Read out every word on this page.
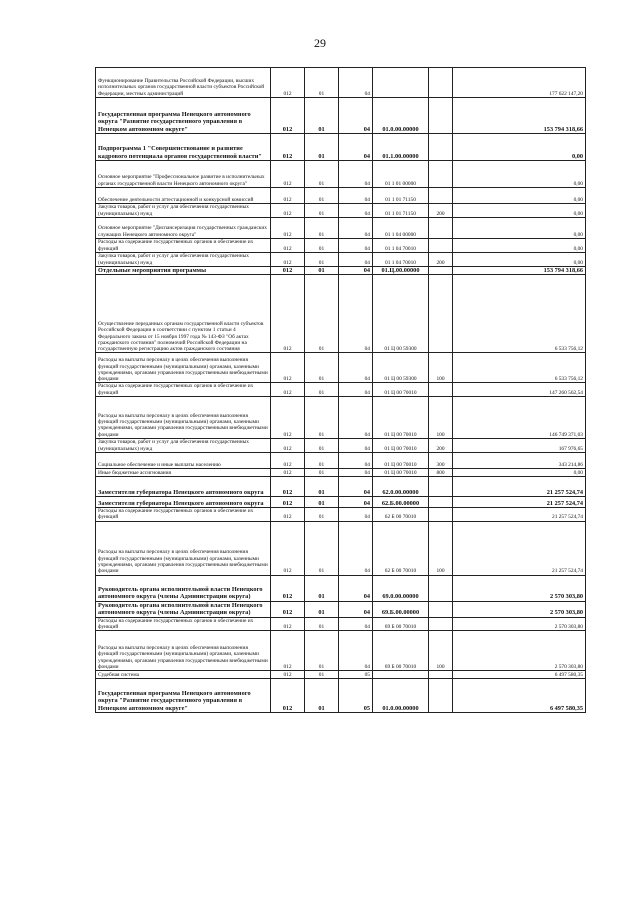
29
Функционирование Правительства Российской Федерации, высших исполнительных органов государственной власти субъектов Российской Федерации, местных администраций	012	01	04			177 622 147,20
Государственная программа Ненецкого автономного округа "Развитие государственного управления в Ненецком автономном округе"	012	01	04	01.0.00.00000		153 794 318,66
Подпрограмма 1 "Совершенствование и развитие кадрового потенциала органов государственной власти"	012	01	04	01.1.00.00000		0,00
Основное мероприятие "Профессиональное развитие в исполнительных органах государственной власти Ненецкого автономного округа"	012	01	04	01 1 01 00000		0,00
Обеспечение деятельности аттестационной и конкурсной комиссий	012	01	04	01 1 01 71150		0,00
Закупка товаров, работ и услуг для обеспечения государственных (муниципальных) нужд	012	01	04	01 1 01 71150	200	0,00
Основное мероприятие "Диспансеризация государственных гражданских служащих Ненецкого автономного округа"	012	01	04	01 1 04 00000		0,00
Расходы на содержание государственных органов и обеспечение их функций	012	01	04	01 1 04 70010		0,00
Закупка товаров, работ и услуг для обеспечения государственных (муниципальных) нужд	012	01	04	01 1 04 70010	200	0,00
Отдельные мероприятия программы	012	01	04	01.Ц.00.00000		153 794 318,66
Осуществление переданных органам государственной власти субъектов Российской Федерации в соответствии с пунктом 1 статьи 4 Федерального закона от 15 ноября 1997 года № 143-ФЗ "Об актах гражданского состояния" полномочий Российской Федерации на государственную регистрацию актов гражданского состояния	012	01	04	01 Ц 00 59300		6 533 756,12
Расходы на выплаты персоналу в целях обеспечения выполнения функций государственными (муниципальными) органами, казенными учреждениями, органами управления государственными внебюджетными фондами	012	01	04	01 Ц 00 59300	100	6 533 756,12
Расходы на содержание государственных органов и обеспечение их функций	012	01	04	01 Ц 00 70010		147 260 562,54
Расходы на выплаты персоналу в целях обеспечения выполнения функций государственными (муниципальными) органами, казенными учреждениями, органами управления государственными внебюджетными фондами	012	01	04	01 Ц 00 70010	100	146 749 371,03
Закупка товаров, работ и услуг для обеспечения государственных (муниципальных) нужд	012	01	04	01 Ц 00 70010	200	167 976,65
Социальное обеспечение и иные выплаты населению	012	01	04	01 Ц 00 70010	300	343 214,86
Иные бюджетные ассигнования	012	01	04	01 Ц 00 70010	800	0,00
Заместители губернатора Ненецкого автономного округа	012	01	04	62.0.00.00000		21 257 524,74
Заместители губернатора Ненецкого автономного округа	012	01	04	62.Б.00.00000		21 257 524,74
Расходы на содержание государственных органов и обеспечение их функций	012	01	04	62 Б 00 70010		21 257 524,74
Расходы на выплаты персоналу в целях обеспечения выполнения функций государственными (муниципальными) органами, казенными учреждениями, органами управления государственными внебюджетными фондами	012	01	04	62 Б 00 70010	100	21 257 524,74
Руководитель органа исполнительной власти Ненецкого автономного округа (члены Администрации округа)	012	01	04	69.0.00.00000		2 570 303,80
Руководитель органа исполнительной власти Ненецкого автономного округа (члены Администрации округа)	012	01	04	69.Б.00.00000		2 570 303,80
Расходы на содержание государственных органов и обеспечение их функций	012	01	04	69 Б 00 70010		2 570 303,80
Расходы на выплаты персоналу в целях обеспечения выполнения функций государственными (муниципальными) органами, казенными учреждениями, органами управления государственными внебюджетными фондами	012	01	04	69 Б 00 70010	100	2 570 303,80
Судебная система	012	01	05			6 497 580,35
Государственная программа Ненецкого автономного округа "Развитие государственного управления в Ненецком автономном округе"	012	01	05	01.0.00.00000		6 497 580,35
